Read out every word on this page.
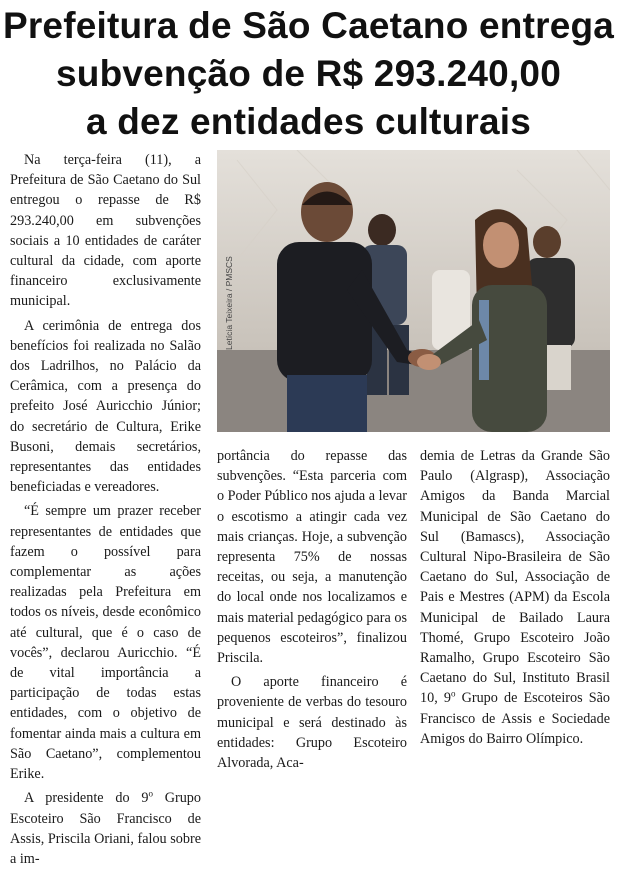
Prefeitura de São Caetano entrega
subvenção de R$ 293.240,00
a dez entidades culturais

Na terça-feira (11), a Prefeitura de São Caetano do Sul entregou o repasse de R$ 293.240,00 em subvenções sociais a 10 entidades de caráter cultural da cidade, com aporte financeiro exclusivamente municipal.

A cerimônia de entrega dos benefícios foi realizada no Salão dos Ladrilhos, no Palácio da Cerâmica, com a presença do prefeito José Auricchio Júnior; do secretário de Cultura, Erike Busoni, demais secretários, representantes das entidades beneficiadas e vereadores.

“É sempre um prazer receber representantes de entidades que fazem o possível para complementar as ações realizadas pela Prefeitura em todos os níveis, desde econômico até cultural, que é o caso de vocês”, declarou Auricchio. “É de vital importância a participação de todas estas entidades, com o objetivo de fomentar ainda mais a cultura em São Caetano”, complementou Erike.

A presidente do 9$^o$ Grupo Escoteiro São Francisco de Assis, Priscila Oriani, falou sobre a im-

Letícia Teixeira / PMSCS

portância do repasse das subvenções. “Esta parceria com o Poder Público nos ajuda a levar o escotismo a atingir cada vez mais crianças. Hoje, a subvenção representa 75% de nossas receitas, ou seja, a manutenção do local onde nos localizamos e mais material pedagógico para os pequenos escoteiros”, finalizou Priscila.

O aporte financeiro é proveniente de verbas do tesouro municipal e será destinado às entidades: Grupo Escoteiro Alvorada, Aca-

demia de Letras da Grande São Paulo (Algrasp), Associação Amigos da Banda Marcial Municipal de São Caetano do Sul (Bamascs), Associação Cultural Nipo-Brasileira de São Caetano do Sul, Associação de Pais e Mestres (APM) da Escola Municipal de Bailado Laura Thomé, Grupo Escoteiro João Ramalho, Grupo Escoteiro São Caetano do Sul, Instituto Brasil 10, 9$^o$ Grupo de Escoteiros São Francisco de Assis e Sociedade Amigos do Bairro Olímpico.
